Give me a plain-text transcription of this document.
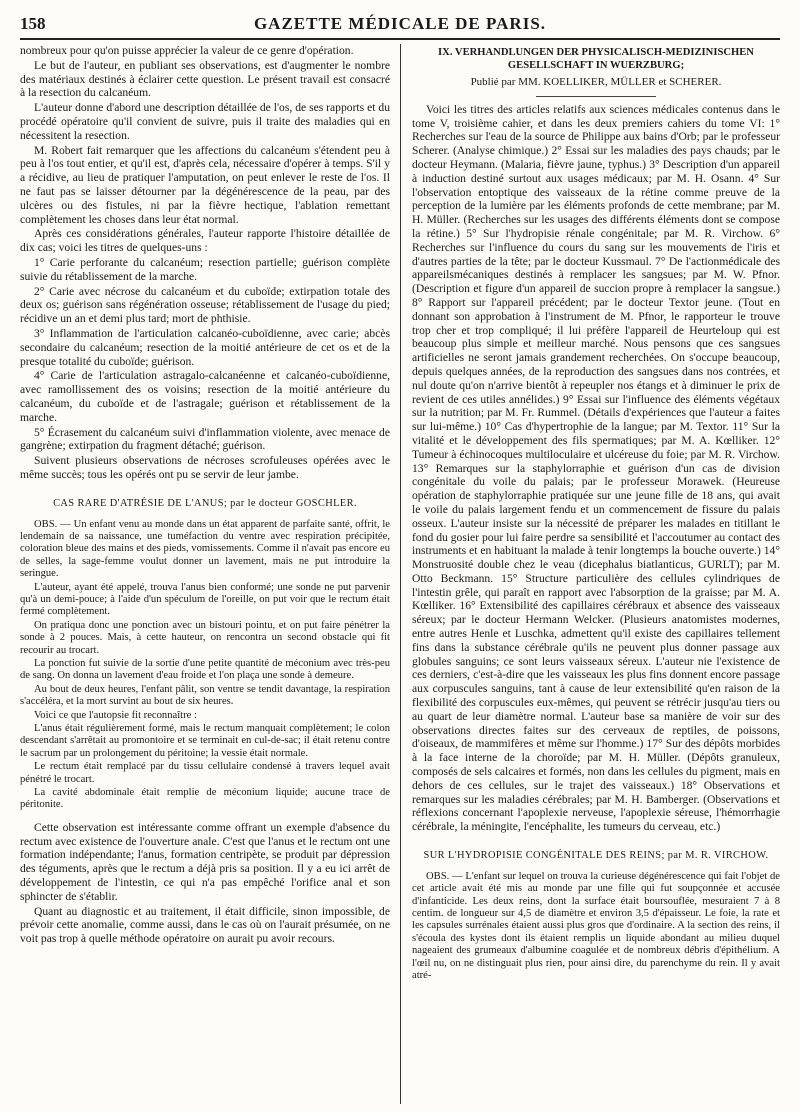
158	GAZETTE MÉDICALE DE PARIS.

nombreux pour qu'on puisse apprécier la valeur de ce genre d'opération.

Le but de l'auteur, en publiant ses observations, est d'augmenter le nombre des matériaux destinés à éclairer cette question. Le présent travail est consacré à la resection du calcanéum.

L'auteur donne d'abord une description détaillée de l'os, de ses rapports et du procédé opératoire qu'il convient de suivre, puis il traite des maladies qui en nécessitent la resection.

M. Robert fait remarquer que les affections du calcanéum s'étendent peu à peu à l'os tout entier, et qu'il est, d'après cela, nécessaire d'opérer à temps. S'il y a récidive, au lieu de pratiquer l'amputation, on peut enlever le reste de l'os. Il ne faut pas se laisser détourner par la dégénérescence de la peau, par des ulcères ou des fistules, ni par la fièvre hectique, l'ablation remettant complètement les choses dans leur état normal.

Après ces considérations générales, l'auteur rapporte l'histoire détaillée de dix cas; voici les titres de quelques-uns :

1° Carie perforante du calcanéum; resection partielle; guérison complète suivie du rétablissement de la marche.

2° Carie avec nécrose du calcanéum et du cuboïde; extirpation totale des deux os; guérison sans régénération osseuse; rétablissement de l'usage du pied; récidive un an et demi plus tard; mort de phthisie.

3° Inflammation de l'articulation calcanéo-cuboïdienne, avec carie; abcès secondaire du calcanéum; resection de la moitié antérieure de cet os et de la presque totalité du cuboïde; guérison.

4° Carie de l'articulation astragalo-calcanéenne et calcanéo-cuboïdienne, avec ramollissement des os voisins; resection de la moitié antérieure du calcanéum, du cuboïde et de l'astragale; guérison et rétablissement de la marche.

5° Écrasement du calcanéum suivi d'inflammation violente, avec menace de gangrène; extirpation du fragment détaché; guérison.

Suivent plusieurs observations de nécroses scrofuleuses opérées avec le même succès; tous les opérés ont pu se servir de leur jambe.

CAS RARE D'ATRÉSIE DE L'ANUS; par le docteur GOSCHLER.

OBS. — Un enfant venu au monde dans un état apparent de parfaite santé, offrit, le lendemain de sa naissance, une tuméfaction du ventre avec respiration précipitée, coloration bleue des mains et des pieds, vomissements. Comme il n'avait pas encore eu de selles, la sage-femme voulut donner un lavement, mais ne put introduire la seringue.

L'auteur, ayant été appelé, trouva l'anus bien conformé; une sonde ne put parvenir qu'à un demi-pouce; à l'aide d'un spéculum de l'oreille, on put voir que le rectum était fermé complètement.

On pratiqua donc une ponction avec un bistouri pointu, et on put faire pénétrer la sonde à 2 pouces. Mais, à cette hauteur, on rencontra un second obstacle qui fit recourir au trocart.

La ponction fut suivie de la sortie d'une petite quantité de méconium avec très-peu de sang. On donna un lavement d'eau froide et l'on plaça une sonde à demeure.

Au bout de deux heures, l'enfant pâlit, son ventre se tendit davantage, la respiration s'accéléra, et la mort survint au bout de six heures.

Voici ce que l'autopsie fit reconnaître :

L'anus était régulièrement formé, mais le rectum manquait complètement; le colon descendant s'arrêtait au promontoire et se terminait en cul-de-sac; il était retenu contre le sacrum par un prolongement du péritoine; la vessie était normale.

Le rectum était remplacé par du tissu cellulaire condensé à travers lequel avait pénétré le trocart.

La cavité abdominale était remplie de méconium liquide; aucune trace de péritonite.

Cette observation est intéressante comme offrant un exemple d'absence du rectum avec existence de l'ouverture anale. C'est que l'anus et le rectum ont une formation indépendante; l'anus, formation centripète, se produit par dépression des téguments, après que le rectum a déjà pris sa position. Il y a eu ici arrêt de développement de l'intestin, ce qui n'a pas empêché l'orifice anal et son sphincter de s'établir.

Quant au diagnostic et au traitement, il était difficile, sinon impossible, de prévoir cette anomalie, comme aussi, dans le cas où on l'aurait présumée, on ne voit pas trop à quelle méthode opératoire on aurait pu avoir recours.

IX. VERHANDLUNGEN DER PHYSICALISCH-MEDIZINISCHEN GESELLSCHAFT IN WUERZBURG;

Publié par MM. KOELLIKER, MÜLLER et SCHERER.

Voici les titres des articles relatifs aux sciences médicales contenus dans le tome V, troisième cahier, et dans les deux premiers cahiers du tome VI: 1° Recherches sur l'eau de la source de Philippe aux bains d'Orb; par le professeur Scherer. (Analyse chimique.) 2° Essai sur les maladies des pays chauds; par le docteur Heymann. (Malaria, fièvre jaune, typhus.) 3° Description d'un appareil à induction destiné surtout aux usages médicaux; par M. H. Osann. 4° Sur l'observation entoptique des vaisseaux de la rétine comme preuve de la perception de la lumière par les éléments profonds de cette membrane; par M. H. Müller. (Recherches sur les usages des différents éléments dont se compose la rétine.) 5° Sur l'hydropisie rénale congénitale; par M. R. Virchow. 6° Recherches sur l'influence du cours du sang sur les mouvements de l'iris et d'autres parties de la tête; par le docteur Kussmaul. 7° De l'actionmédicale des appareilsmécaniques destinés à remplacer les sangsues; par M. W. Pfnor. (Description et figure d'un appareil de succion propre à remplacer la sangsue.) 8° Rapport sur l'appareil précédent; par le docteur Textor jeune. (Tout en donnant son approbation à l'instrument de M. Pfnor, le rapporteur le trouve trop cher et trop compliqué; il lui préfère l'appareil de Heurteloup qui est beaucoup plus simple et meilleur marché. Nous pensons que ces sangsues artificielles ne seront jamais grandement recherchées. On s'occupe beaucoup, depuis quelques années, de la reproduction des sangsues dans nos contrées, et nul doute qu'on n'arrive bientôt à repeupler nos étangs et à diminuer le prix de revient de ces utiles annélides.) 9° Essai sur l'influence des éléments végétaux sur la nutrition; par M. Fr. Rummel. (Détails d'expériences que l'auteur a faites sur lui-même.) 10° Cas d'hypertrophie de la langue; par M. Textor. 11° Sur la vitalité et le développement des fils spermatiques; par M. A. Kœlliker. 12° Tumeur à échinocoques multiloculaire et ulcéreuse du foie; par M. R. Virchow. 13° Remarques sur la staphylorraphie et guérison d'un cas de division congénitale du voile du palais; par le professeur Morawek. (Heureuse opération de staphylorraphie pratiquée sur une jeune fille de 18 ans, qui avait le voile du palais largement fendu et un commencement de fissure du palais osseux. L'auteur insiste sur la nécessité de préparer les malades en titillant le fond du gosier pour lui faire perdre sa sensibilité et l'accoutumer au contact des instruments et en habituant la malade à tenir longtemps la bouche ouverte.) 14° Monstruosité double chez le veau (dicephalus biatlanticus, GURLT); par M. Otto Beckmann. 15° Structure particulière des cellules cylindriques de l'intestin grêle, qui paraît en rapport avec l'absorption de la graisse; par M. A. Kœlliker. 16° Extensibilité des capillaires cérébraux et absence des vaisseaux séreux; par le docteur Hermann Welcker. (Plusieurs anatomistes modernes, entre autres Henle et Luschka, admettent qu'il existe des capillaires tellement fins dans la substance cérébrale qu'ils ne peuvent plus donner passage aux globules sanguins; ce sont leurs vaisseaux séreux. L'auteur nie l'existence de ces derniers, c'est-à-dire que les vaisseaux les plus fins donnent encore passage aux corpuscules sanguins, tant à cause de leur extensibilité qu'en raison de la flexibilité des corpuscules eux-mêmes, qui peuvent se rétrécir jusqu'au tiers ou au quart de leur diamètre normal. L'auteur base sa manière de voir sur des observations directes faites sur des cerveaux de reptiles, de poissons, d'oiseaux, de mammifères et même sur l'homme.) 17° Sur des dépôts morbides à la face interne de la choroïde; par M. H. Müller. (Dépôts granuleux, composés de sels calcaires et formés, non dans les cellules du pigment, mais en dehors de ces cellules, sur le trajet des vaisseaux.) 18° Observations et remarques sur les maladies cérébrales; par M. H. Bamberger. (Observations et réflexions concernant l'apoplexie nerveuse, l'apoplexie séreuse, l'hémorrhagie cérébrale, la méningite, l'encéphalite, les tumeurs du cerveau, etc.)

SUR L'HYDROPISIE CONGÉNITALE DES REINS; par M. R. VIRCHOW.

OBS. — L'enfant sur lequel on trouva la curieuse dégénérescence qui fait l'objet de cet article avait été mis au monde par une fille qui fut soupçonnée et accusée d'infanticide. Les deux reins, dont la surface était boursouflée, mesuraient 7 à 8 centim. de longueur sur 4,5 de diamètre et environ 3,5 d'épaisseur. Le foie, la rate et les capsules surrénales étaient aussi plus gros que d'ordinaire. A la section des reins, il s'écoula des kystes dont ils étaient remplis un liquide abondant au milieu duquel nageaient des grumeaux d'albumine coagulée et de nombreux débris d'épithélium. A l'œil nu, on ne distinguait plus rien, pour ainsi dire, du parenchyme du rein. Il y avait atré-
